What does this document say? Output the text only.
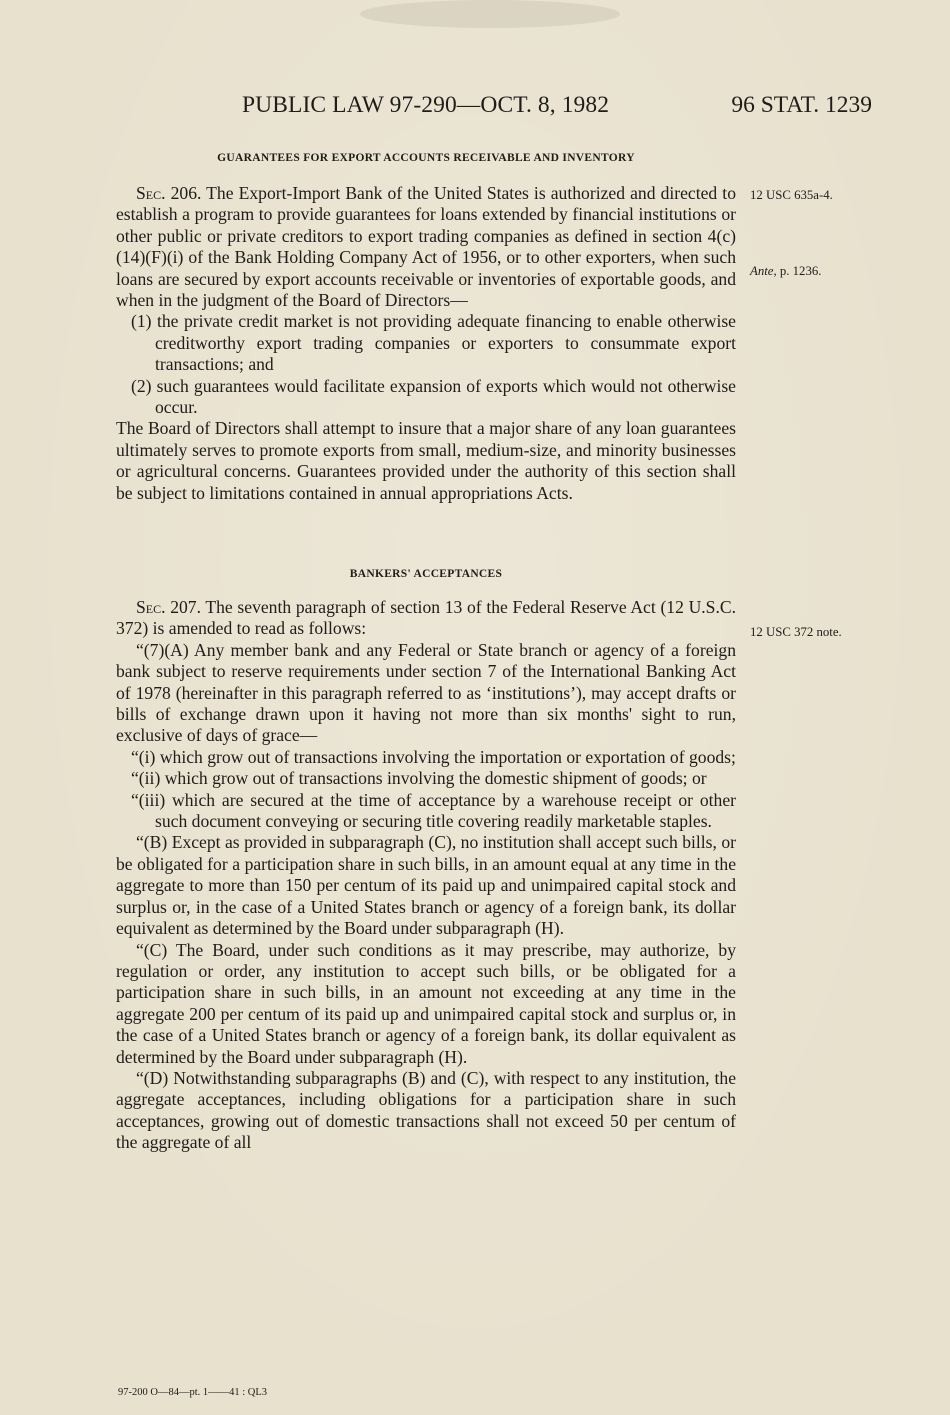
PUBLIC LAW 97-290—OCT. 8, 1982	96 STAT. 1239
GUARANTEES FOR EXPORT ACCOUNTS RECEIVABLE AND INVENTORY

Sec. 206. The Export-Import Bank of the United States is authorized and directed to establish a program to provide guarantees for loans extended by financial institutions or other public or private creditors to export trading companies as defined in section 4(c)(14)(F)(i) of the Bank Holding Company Act of 1956, or to other exporters, when such loans are secured by export accounts receivable or inventories of exportable goods, and when in the judgment of the Board of Directors—

(1) the private credit market is not providing adequate financing to enable otherwise creditworthy export trading companies or exporters to consummate export transactions; and

(2) such guarantees would facilitate expansion of exports which would not otherwise occur.

The Board of Directors shall attempt to insure that a major share of any loan guarantees ultimately serves to promote exports from small, medium-size, and minority businesses or agricultural concerns. Guarantees provided under the authority of this section shall be subject to limitations contained in annual appropriations Acts.

BANKERS' ACCEPTANCES

Sec. 207. The seventh paragraph of section 13 of the Federal Reserve Act (12 U.S.C. 372) is amended to read as follows:

“(7)(A) Any member bank and any Federal or State branch or agency of a foreign bank subject to reserve requirements under section 7 of the International Banking Act of 1978 (hereinafter in this paragraph referred to as ‘institutions’), may accept drafts or bills of exchange drawn upon it having not more than six months' sight to run, exclusive of days of grace—

“(i) which grow out of transactions involving the importation or exportation of goods;

“(ii) which grow out of transactions involving the domestic shipment of goods; or

“(iii) which are secured at the time of acceptance by a warehouse receipt or other such document conveying or securing title covering readily marketable staples.

“(B) Except as provided in subparagraph (C), no institution shall accept such bills, or be obligated for a participation share in such bills, in an amount equal at any time in the aggregate to more than 150 per centum of its paid up and unimpaired capital stock and surplus or, in the case of a United States branch or agency of a foreign bank, its dollar equivalent as determined by the Board under subparagraph (H).

“(C) The Board, under such conditions as it may prescribe, may authorize, by regulation or order, any institution to accept such bills, or be obligated for a participation share in such bills, in an amount not exceeding at any time in the aggregate 200 per centum of its paid up and unimpaired capital stock and surplus or, in the case of a United States branch or agency of a foreign bank, its dollar equivalent as determined by the Board under subparagraph (H).

“(D) Notwithstanding subparagraphs (B) and (C), with respect to any institution, the aggregate acceptances, including obligations for a participation share in such acceptances, growing out of domestic transactions shall not exceed 50 per centum of the aggregate of all

12 USC 635a-4.
Ante, p. 1236.
12 USC 372 note.
97-200 O—84—pt. 1——41 : QL3
